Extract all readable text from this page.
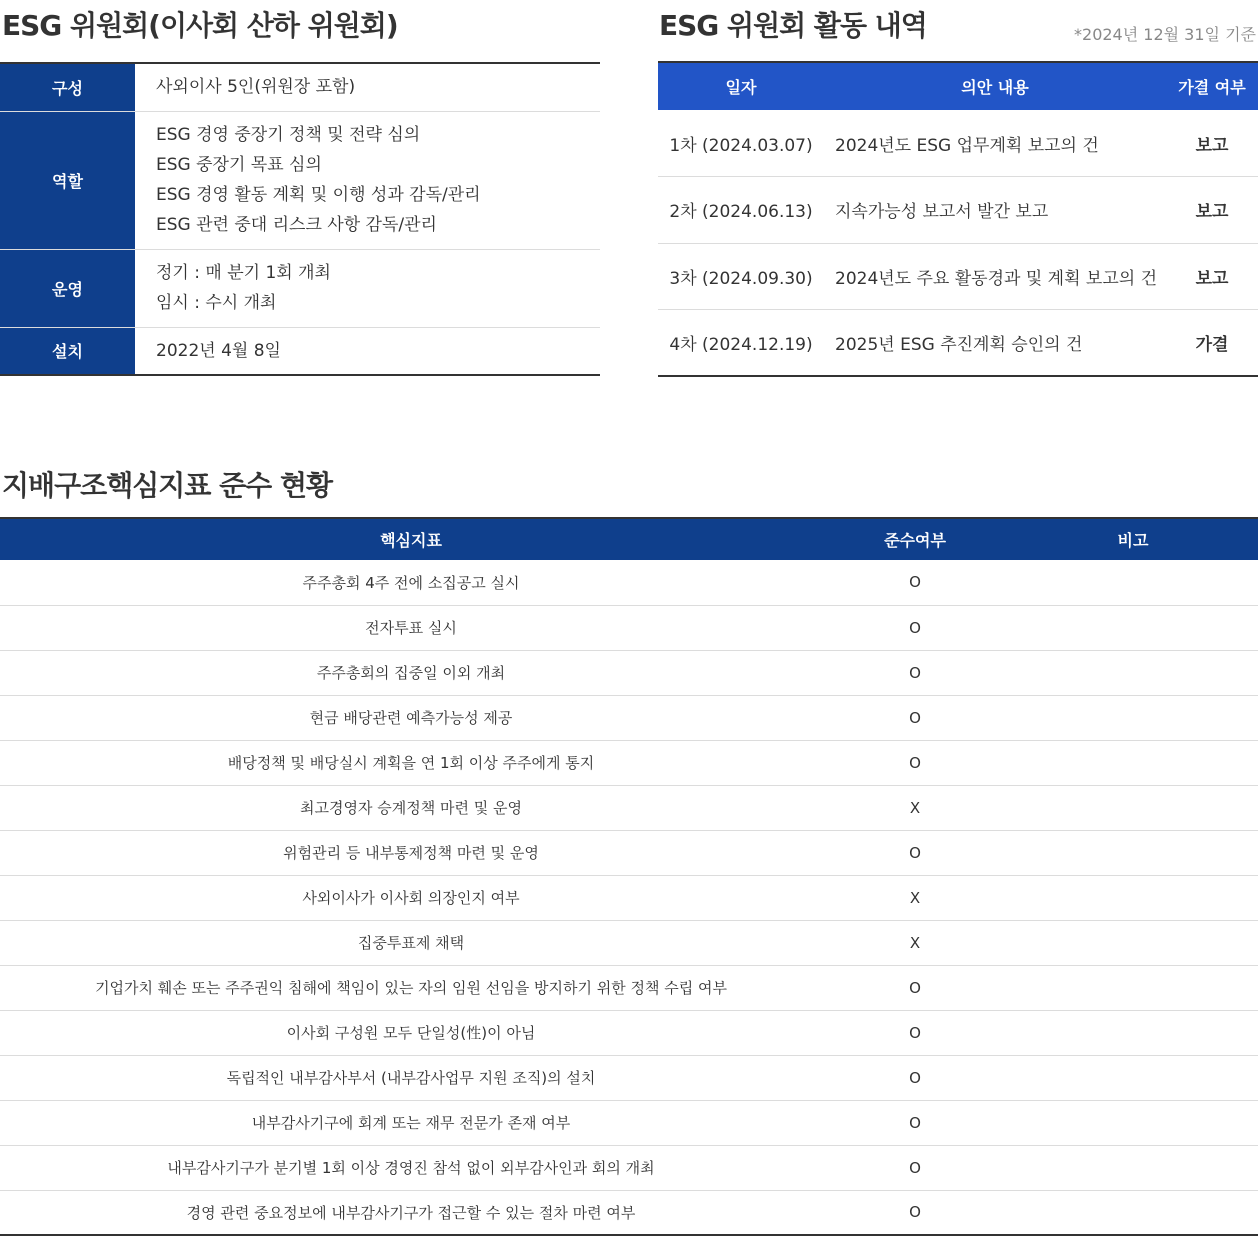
ESG 위원회(이사회 산하 위원회)
구성	사외이사 5인(위원장 포함)

역할	ESG 경영 중장기 정책 및 전략 심의
ESG 중장기 목표 심의
ESG 경영 활동 계획 및 이행 성과 감독/관리
ESG 관련 중대 리스크 사항 감독/관리

운영	정기 : 매 분기 1회 개최
임시 : 수시 개최

설치	2022년 4월 8일
ESG 위원회 활동 내역	*2024년 12월 31일 기준
일자	의안 내용	가결 여부
1차 (2024.03.07)	2024년도 ESG 업무계획 보고의 건	보고
2차 (2024.06.13)	지속가능성 보고서 발간 보고	보고
3차 (2024.09.30)	2024년도 주요 활동경과 및 계획 보고의 건	보고
4차 (2024.12.19)	2025년 ESG 추진계획 승인의 건	가결
지배구조핵심지표 준수 현황
핵심지표	준수여부	비고
주주총회 4주 전에 소집공고 실시	O	
전자투표 실시	O	
주주총회의 집중일 이외 개최	O	
현금 배당관련 예측가능성 제공	O	
배당정책 및 배당실시 계획을 연 1회 이상 주주에게 통지	O	
최고경영자 승계정책 마련 및 운영	X	
위험관리 등 내부통제정책 마련 및 운영	O	
사외이사가 이사회 의장인지 여부	X	
집중투표제 채택	X	
기업가치 훼손 또는 주주권익 침해에 책임이 있는 자의 임원 선임을 방지하기 위한 정책 수립 여부	O	
이사회 구성원 모두 단일성(性)이 아님	O	
독립적인 내부감사부서 (내부감사업무 지원 조직)의 설치	O	
내부감사기구에 회계 또는 재무 전문가 존재 여부	O	
내부감사기구가 분기별 1회 이상 경영진 참석 없이 외부감사인과 회의 개최	O	
경영 관련 중요정보에 내부감사기구가 접근할 수 있는 절차 마련 여부	O	
